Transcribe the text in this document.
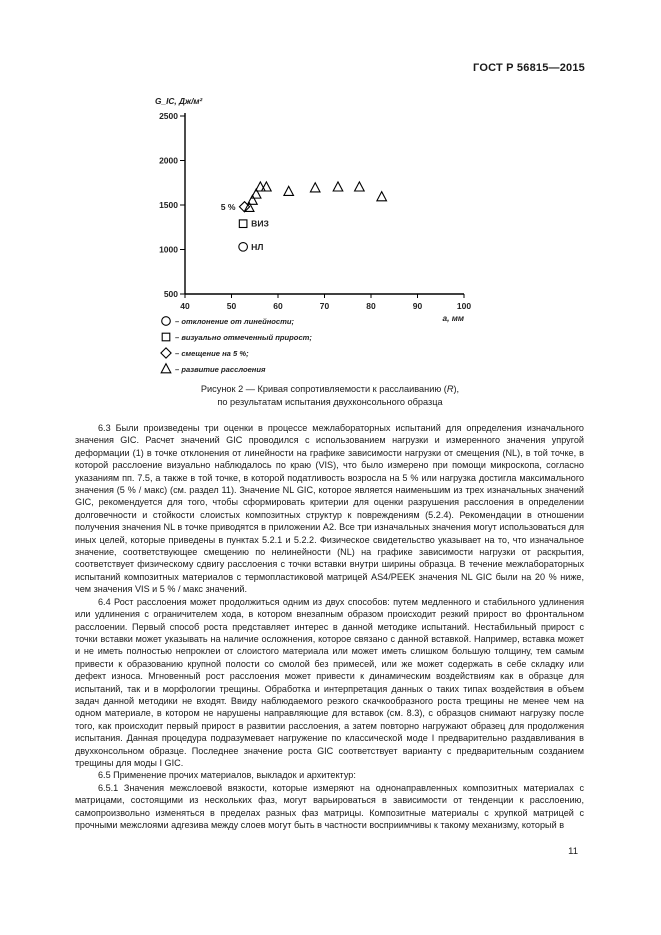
ГОСТ Р 56815—2015
40	50	60	70	80	90	100
500
1000
1500
2000
2500
G_IC, Дж/м²
а, мм
НЛ
ВИЗ
5 %
– отклонение от линейности;
– визуально отмеченный прирост;
– смещение на 5 %;
– развитие расслоения
Рисунок 2 — Кривая сопротивляемости к расслаиванию (R),
по результатам испытания двухконсольного образца

6.3 Были произведены три оценки в процессе межлабораторных испытаний для определения изначального значения GIC. Расчет значений GIC проводился с использованием нагрузки и измеренного значения упругой деформации (1) в точке отклонения от линейности на графике зависимости нагрузки от смещения (NL), в той точке, в которой расслоение визуально наблюдалось по краю (VIS), что было измерено при помощи микроскопа, согласно указаниям пп. 7.5, а также в той точке, в которой податливость возросла на 5 % или нагрузка достигла максимального значения (5 % / макс) (см. раздел 11). Значение NL GIC, которое является наименьшим из трех изначальных значений GIC, рекомендуется для того, чтобы сформировать критерии для оценки разрушения расслоения в определении долговечности и стойкости слоистых композитных структур к повреждениям (5.2.4). Рекомендации в отношении получения значения NL в точке приводятся в приложении А2. Все три изначальных значения могут использоваться для иных целей, которые приведены в пунктах 5.2.1 и 5.2.2. Физическое свидетельство указывает на то, что изначальное значение, соответствующее смещению по нелинейности (NL) на графике зависимости нагрузки от раскрытия, соответствует физическому сдвигу расслоения с точки вставки внутри ширины образца. В течение межлабораторных испытаний композитных материалов с термопластиковой матрицей AS4/PEEK значения NL GIC были на 20 % ниже, чем значения VIS и 5 % / макс значений.

6.4 Рост расслоения может продолжиться одним из двух способов: путем медленного и стабильного удлинения или удлинения с ограничителем хода, в котором внезапным образом происходит резкий прирост во фронтальном расслоении. Первый способ роста представляет интерес в данной методике испытаний. Нестабильный прирост с точки вставки может указывать на наличие осложнения, которое связано с данной вставкой. Например, вставка может и не иметь полностью непроклеи от слоистого материала или может иметь слишком большую толщину, тем самым привести к образованию крупной полости со смолой без примесей, или же может содержать в себе складку или дефект износа. Мгновенный рост расслоения может привести к динамическим воздействиям как в образце для испытаний, так и в морфологии трещины. Обработка и интерпретация данных о таких типах воздействия в объем задач данной методики не входят. Ввиду наблюдаемого резкого скачкообразного роста трещины не менее чем на одном материале, в котором не нарушены направляющие для вставок (см. 8.3), с образцов снимают нагрузку после того, как происходит первый прирост в развитии расслоения, а затем повторно нагружают образец для продолжения испытания. Данная процедура подразумевает нагружение по классической моде I предварительно раздавливания в двухконсольном образце. Последнее значение роста GIC соответствует варианту с предварительным созданием трещины для моды I GIC.

6.5 Применение прочих материалов, выкладок и архитектур:

6.5.1 Значения межслоевой вязкости, которые измеряют на однонаправленных композитных материалах с матрицами, состоящими из нескольких фаз, могут варьироваться в зависимости от тенденции к расслоению, самопроизвольно изменяться в пределах разных фаз матрицы. Композитные материалы с хрупкой матрицей с прочными межслоями адгезива между слоев могут быть в частности восприимчивы к такому механизму, который в

11
